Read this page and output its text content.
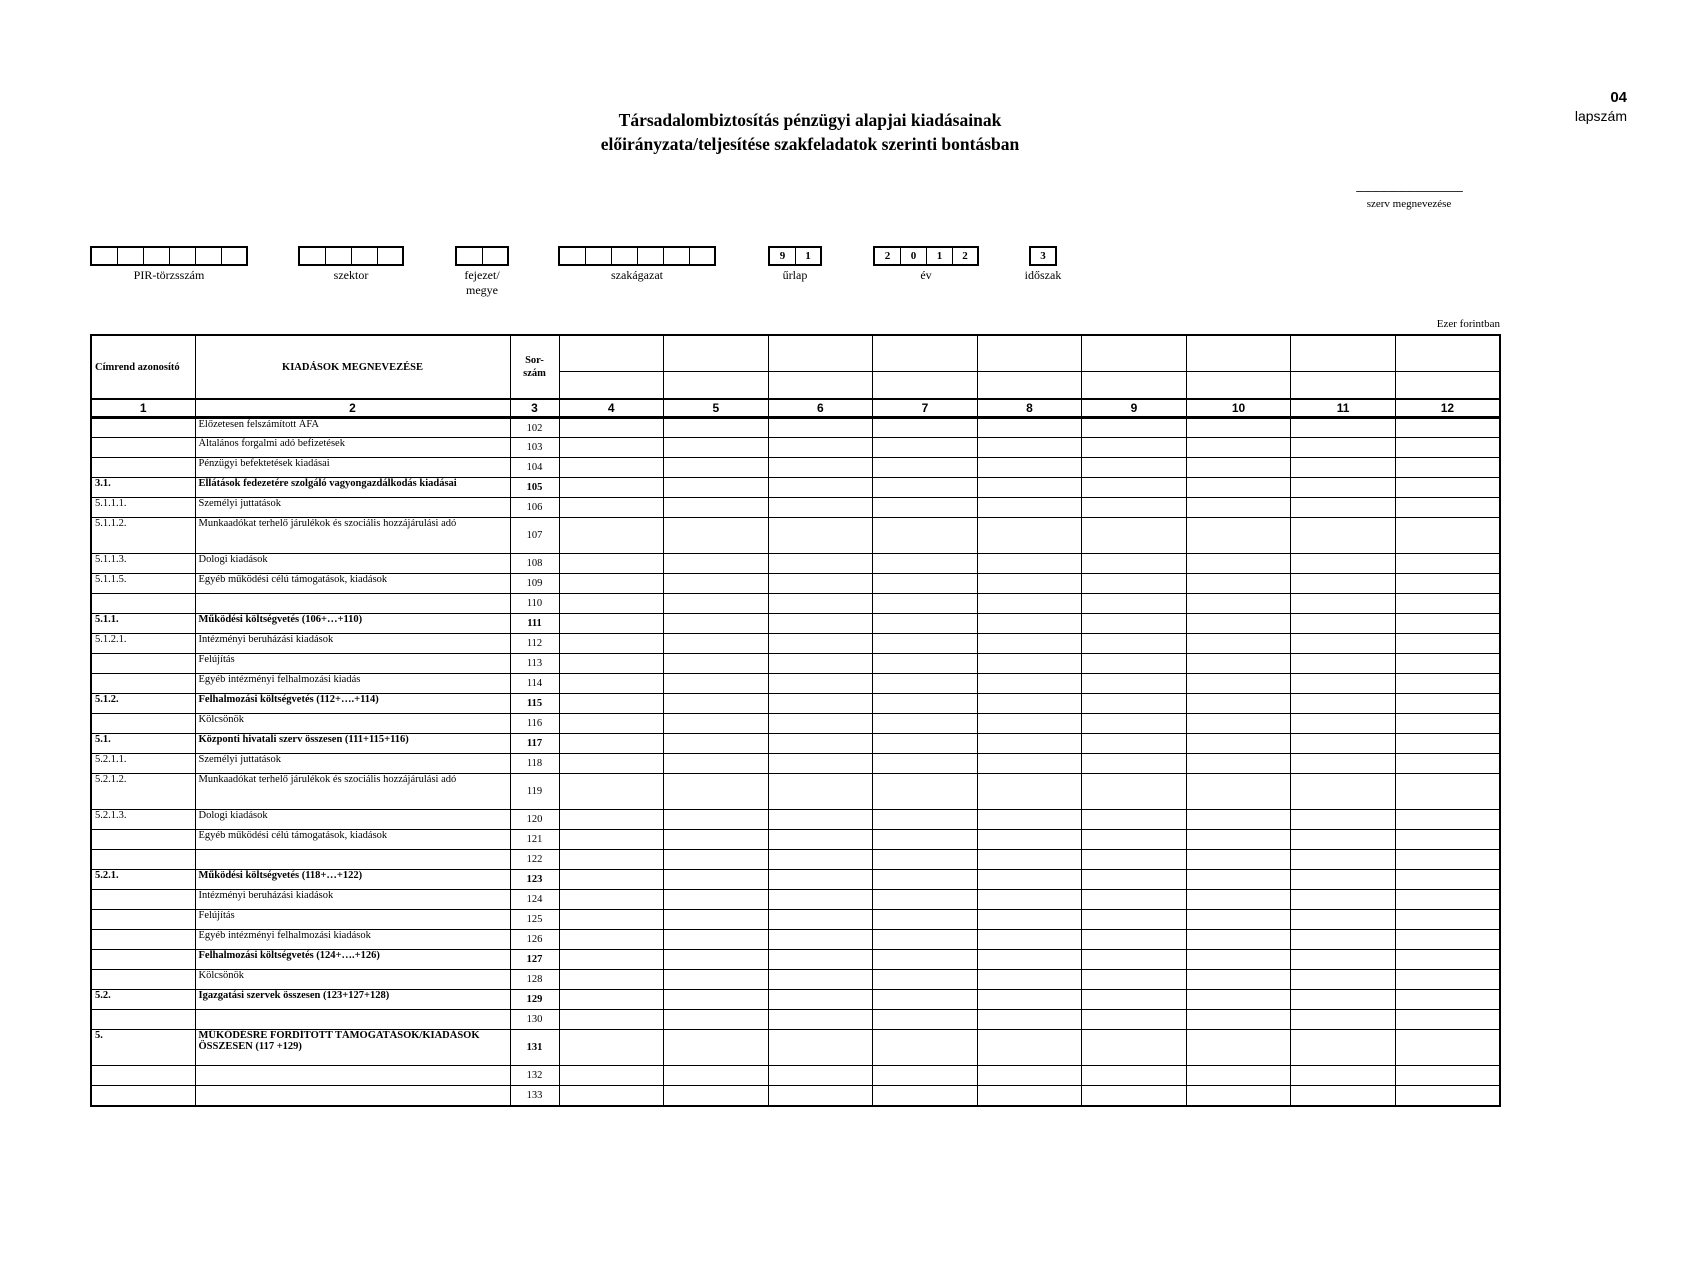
04
lapszám
Társadalombiztosítás pénzügyi alapjai kiadásainak
előirányzata/teljesítése szakfeladatok szerinti bontásban
----------------------------------------
szerv megnevezése
PIR-törzsszám	szektor	fejezet/
megye
szakágazat
9	1
űrlap
2	0	1	2
év
3
időszak
Ezer forintban
Címrend azonosító	KIADÁSOK MEGNEVEZÉSE	Sor-
szám									

1	2	3	4	5	6	7	8	9	10	11	12
	Előzetesen felszámított ÁFA	102									
	Általános forgalmi adó befizetések	103									
	Pénzügyi befektetések kiadásai	104									
3.1.	Ellátások fedezetére szolgáló vagyongazdálkodás kiadásai	105									
5.1.1.1.	Személyi juttatások	106									
5.1.1.2.	Munkaadókat terhelő járulékok és szociális hozzájárulási adó	107									
5.1.1.3.	Dologi kiadások	108									
5.1.1.5.	Egyéb működési célú támogatások, kiadások	109									
		110									
5.1.1.	Működési költségvetés (106+…+110)	111									
5.1.2.1.	Intézményi beruházási kiadások	112									
	Felújítás	113									
	Egyéb intézményi felhalmozási kiadás	114									
5.1.2.	Felhalmozási költségvetés (112+….+114)	115									
	Kölcsönök	116									
5.1.	Központi hivatali szerv összesen (111+115+116)	117									
5.2.1.1.	Személyi juttatások	118									
5.2.1.2.	Munkaadókat terhelő járulékok és szociális hozzájárulási adó	119									
5.2.1.3.	Dologi kiadások	120									
	Egyéb működési célú támogatások, kiadások	121									
		122									
5.2.1.	Működési költségvetés (118+…+122)	123									
	Intézményi beruházási kiadások	124									
	Felújítás	125									
	Egyéb intézményi felhalmozási kiadások	126									
	Felhalmozási költségvetés (124+….+126)	127									
	Kölcsönök	128									
5.2.	Igazgatási szervek összesen (123+127+128)	129									
		130									
5.	MŰKÖDÉSRE FORDÍTOTT TÁMOGATÁSOK/KIADÁSOK ÖSSZESEN (117 +129)	131									
		132									
		133									
